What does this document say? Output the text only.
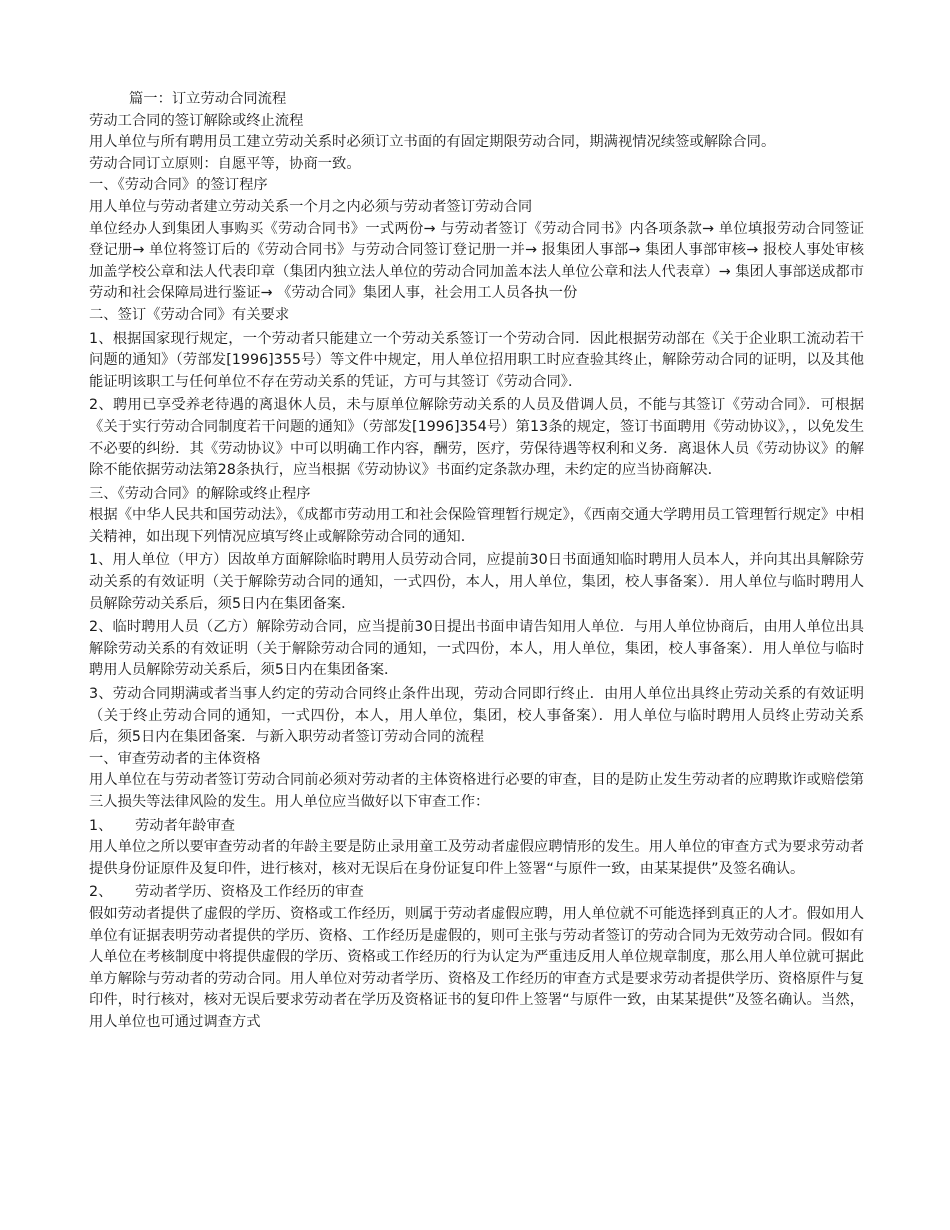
篇一：订立劳动合同流程

劳动工合同的签订解除或终止流程

用人单位与所有聘用员工建立劳动关系时必须订立书面的有固定期限劳动合同，期满视情况续签或解除合同。

劳动合同订立原则：自愿平等，协商一致。

一、《劳动合同》的签订程序

用人单位与劳动者建立劳动关系一个月之内必须与劳动者签订劳动合同

单位经办人到集团人事购买《劳动合同书》一式两份→ 与劳动者签订《劳动合同书》内各项条款→ 单位填报劳动合同签证登记册→ 单位将签订后的《劳动合同书》与劳动合同签订登记册一并→ 报集团人事部→ 集团人事部审核→ 报校人事处审核加盖学校公章和法人代表印章（集团内独立法人单位的劳动合同加盖本法人单位公章和法人代表章）→ 集团人事部送成都市劳动和社会保障局进行鉴证→ 《劳动合同》集团人事，社会用工人员各执一份

二、签订《劳动合同》有关要求

1、根据国家现行规定，一个劳动者只能建立一个劳动关系签订一个劳动合同．因此根据劳动部在《关于企业职工流动若干问题的通知》（劳部发[1996]355号）等文件中规定，用人单位招用职工时应查验其终止，解除劳动合同的证明，以及其他能证明该职工与任何单位不存在劳动关系的凭证，方可与其签订《劳动合同》．

2、聘用已享受养老待遇的离退休人员，未与原单位解除劳动关系的人员及借调人员，不能与其签订《劳动合同》．可根据《关于实行劳动合同制度若干问题的通知》（劳部发[1996]354号）第13条的规定，签订书面聘用《劳动协议》，，以免发生不必要的纠纷．其《劳动协议》中可以明确工作内容，酬劳，医疗，劳保待遇等权利和义务．离退休人员《劳动协议》的解除不能依据劳动法第28条执行，应当根据《劳动协议》书面约定条款办理，未约定的应当协商解决．

三、《劳动合同》的解除或终止程序

根据《中华人民共和国劳动法》，《成都市劳动用工和社会保险管理暂行规定》，《西南交通大学聘用员工管理暂行规定》中相关精神，如出现下列情况应填写终止或解除劳动合同的通知．

1、用人单位（甲方）因故单方面解除临时聘用人员劳动合同，应提前30日书面通知临时聘用人员本人，并向其出具解除劳动关系的有效证明（关于解除劳动合同的通知，一式四份，本人，用人单位，集团，校人事备案）．用人单位与临时聘用人员解除劳动关系后，须5日内在集团备案．

2、临时聘用人员（乙方）解除劳动合同，应当提前30日提出书面申请告知用人单位．与用人单位协商后，由用人单位出具解除劳动关系的有效证明（关于解除劳动合同的通知，一式四份，本人，用人单位，集团，校人事备案）．用人单位与临时聘用人员解除劳动关系后，须5日内在集团备案．

3、劳动合同期满或者当事人约定的劳动合同终止条件出现，劳动合同即行终止．由用人单位出具终止劳动关系的有效证明（关于终止劳动合同的通知，一式四份，本人，用人单位，集团，校人事备案）．用人单位与临时聘用人员终止劳动关系后，须5日内在集团备案．与新入职劳动者签订劳动合同的流程

一、审查劳动者的主体资格

用人单位在与劳动者签订劳动合同前必须对劳动者的主体资格进行必要的审查，目的是防止发生劳动者的应聘欺诈或赔偿第三人损失等法律风险的发生。用人单位应当做好以下审查工作：

1、 劳动者年龄审查

用人单位之所以要审查劳动者的年龄主要是防止录用童工及劳动者虚假应聘情形的发生。用人单位的审查方式为要求劳动者提供身份证原件及复印件，进行核对，核对无误后在身份证复印件上签署“与原件一致，由某某提供”及签名确认。

2、 劳动者学历、资格及工作经历的审查

假如劳动者提供了虚假的学历、资格或工作经历，则属于劳动者虚假应聘，用人单位就不可能选择到真正的人才。假如用人单位有证据表明劳动者提供的学历、资格、工作经历是虚假的，则可主张与劳动者签订的劳动合同为无效劳动合同。假如有人单位在考核制度中将提供虚假的学历、资格或工作经历的行为认定为严重违反用人单位规章制度，那么用人单位就可据此单方解除与劳动者的劳动合同。用人单位对劳动者学历、资格及工作经历的审查方式是要求劳动者提供学历、资格原件与复印件，时行核对，核对无误后要求劳动者在学历及资格证书的复印件上签署“与原件一致，由某某提供”及签名确认。当然，用人单位也可通过调查方式
